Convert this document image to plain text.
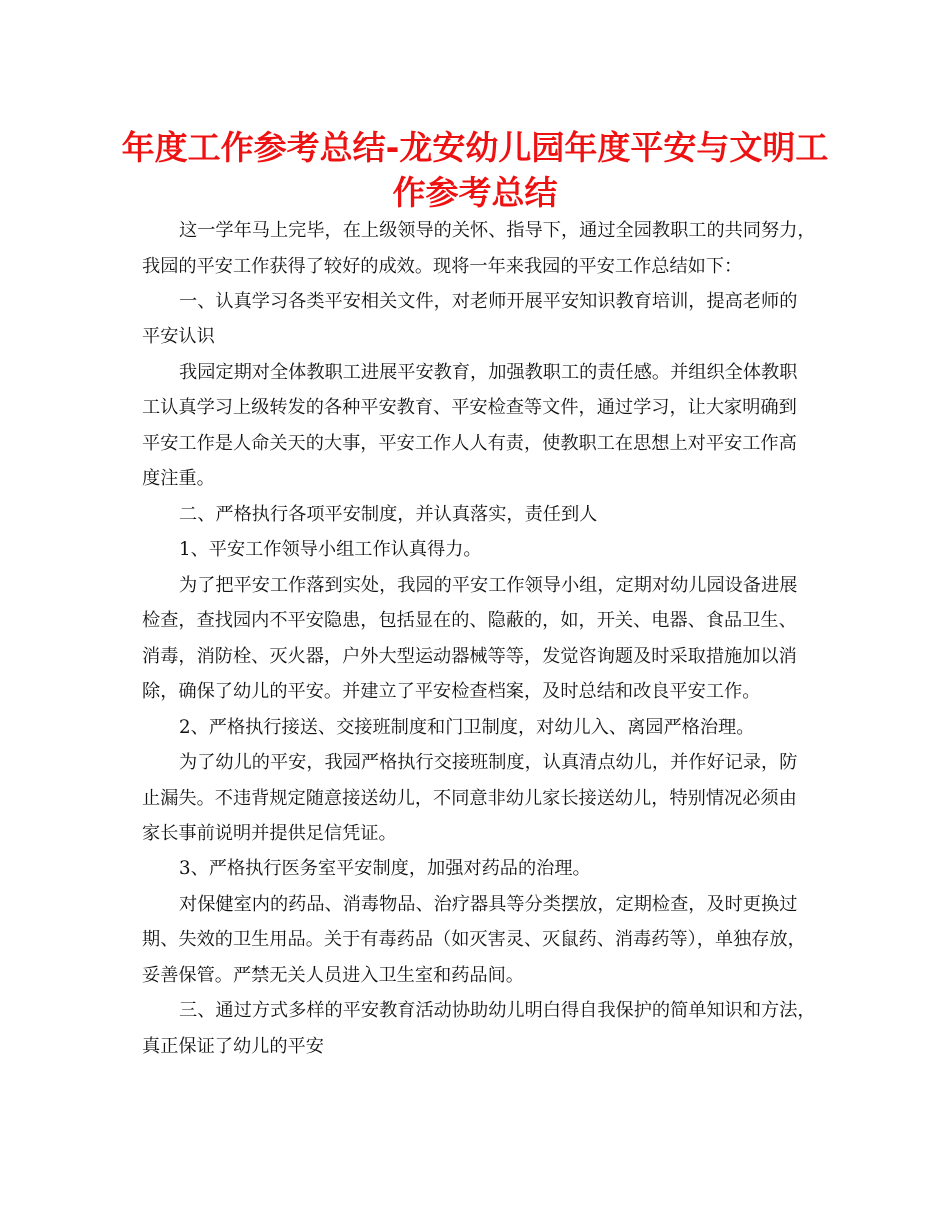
年度工作参考总结-龙安幼儿园年度平安与文明工
作参考总结
这一学年马上完毕，在上级领导的关怀、指导下，通过全园教职工的共同努力，
我园的平安工作获得了较好的成效。现将一年来我园的平安工作总结如下：
一、认真学习各类平安相关文件，对老师开展平安知识教育培训，提高老师的
平安认识
我园定期对全体教职工进展平安教育，加强教职工的责任感。并组织全体教职
工认真学习上级转发的各种平安教育、平安检查等文件，通过学习，让大家明确到
平安工作是人命关天的大事，平安工作人人有责，使教职工在思想上对平安工作高
度注重。
二、严格执行各项平安制度，并认真落实，责任到人
1、平安工作领导小组工作认真得力。
为了把平安工作落到实处，我园的平安工作领导小组，定期对幼儿园设备进展
检查，查找园内不平安隐患，包括显在的、隐蔽的，如，开关、电器、食品卫生、
消毒，消防栓、灭火器，户外大型运动器械等等，发觉咨询题及时采取措施加以消
除，确保了幼儿的平安。并建立了平安检查档案，及时总结和改良平安工作。
2、严格执行接送、交接班制度和门卫制度，对幼儿入、离园严格治理。
为了幼儿的平安，我园严格执行交接班制度，认真清点幼儿，并作好记录，防
止漏失。不违背规定随意接送幼儿，不同意非幼儿家长接送幼儿，特别情况必须由
家长事前说明并提供足信凭证。
3、严格执行医务室平安制度，加强对药品的治理。
对保健室内的药品、消毒物品、治疗器具等分类摆放，定期检查，及时更换过
期、失效的卫生用品。关于有毒药品（如灭害灵、灭鼠药、消毒药等），单独存放，
妥善保管。严禁无关人员进入卫生室和药品间。
三、通过方式多样的平安教育活动协助幼儿明白得自我保护的简单知识和方法，
真正保证了幼儿的平安
